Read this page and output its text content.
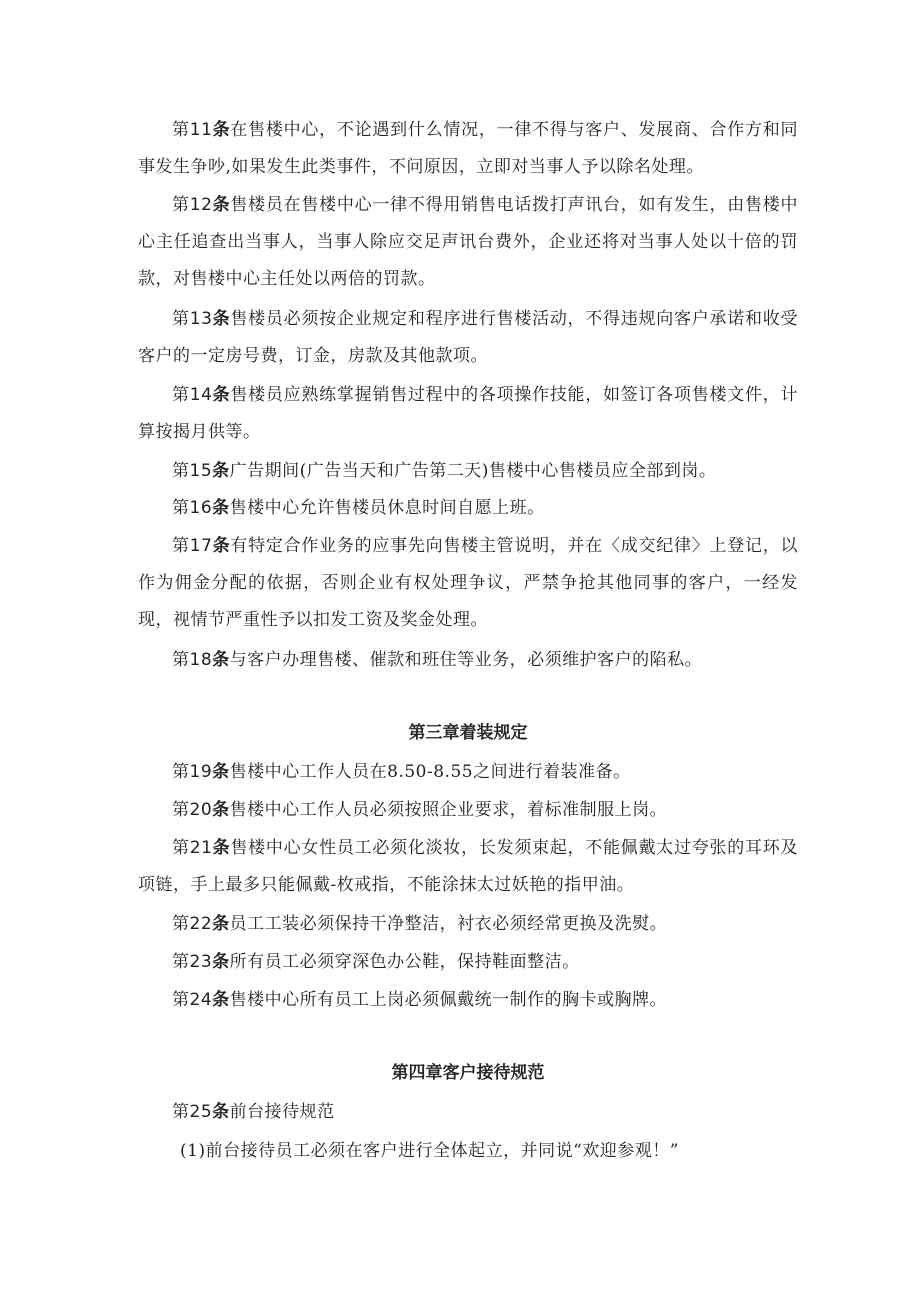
第11条在售楼中心，不论遇到什么情况，一律不得与客户、发展商、合作方和同事发生争吵,如果发生此类事件，不问原因，立即对当事人予以除名处理。

第12条售楼员在售楼中心一律不得用销售电话拨打声讯台，如有发生，由售楼中心主任追查出当事人，当事人除应交足声讯台费外，企业还将对当事人处以十倍的罚款，对售楼中心主任处以两倍的罚款。

第13条售楼员必须按企业规定和程序进行售楼活动，不得违规向客户承诺和收受客户的一定房号费，订金，房款及其他款项。

第14条售楼员应熟练掌握销售过程中的各项操作技能，如签订各项售楼文件，计算按揭月供等。

第15条广告期间(广告当天和广告第二天)售楼中心售楼员应全部到岗。

第16条售楼中心允许售楼员休息时间自愿上班。

第17条有特定合作业务的应事先向售楼主管说明，并在〈成交纪律〉上登记，以作为佣金分配的依据，否则企业有权处理争议，严禁争抢其他同事的客户，一经发现，视情节严重性予以扣发工资及奖金处理。

第18条与客户办理售楼、催款和班住等业务，必须维护客户的陷私。

第三章着装规定

第19条售楼中心工作人员在8.50-8.55之间进行着装准备。

第20条售楼中心工作人员必须按照企业要求，着标准制服上岗。

第21条售楼中心女性员工必须化淡妆，长发须束起，不能佩戴太过夸张的耳环及项链，手上最多只能佩戴-枚戒指，不能涂抹太过妖艳的指甲油。

第22条员工工装必须保持干净整洁，衬衣必须经常更换及洗熨。

第23条所有员工必须穿深色办公鞋，保持鞋面整洁。

第24条售楼中心所有员工上岗必须佩戴统一制作的胸卡或胸牌。

第四章客户接待规范

第25条前台接待规范

(1)前台接待员工必须在客户进行全体起立，并同说“欢迎参观！”
